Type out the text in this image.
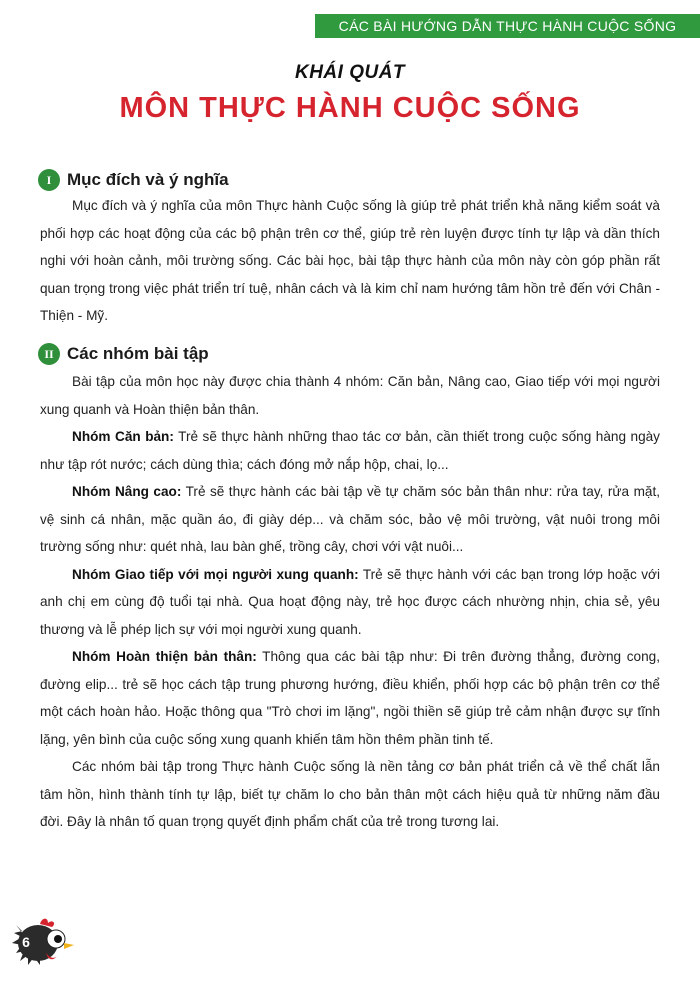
CÁC BÀI HƯỚNG DẪN THỰC HÀNH CUỘC SỐNG
KHÁI QUÁT
MÔN THỰC HÀNH CUỘC SỐNG
I Mục đích và ý nghĩa

Mục đích và ý nghĩa của môn Thực hành Cuộc sống là giúp trẻ phát triển khả năng kiểm soát và phối hợp các hoạt động của các bộ phận trên cơ thể, giúp trẻ rèn luyện được tính tự lập và dần thích nghi với hoàn cảnh, môi trường sống. Các bài học, bài tập thực hành của môn này còn góp phần rất quan trọng trong việc phát triển trí tuệ, nhân cách và là kim chỉ nam hướng tâm hồn trẻ đến với Chân - Thiện - Mỹ.

II Các nhóm bài tập

Bài tập của môn học này được chia thành 4 nhóm: Căn bản, Nâng cao, Giao tiếp với mọi người xung quanh và Hoàn thiện bản thân.

Nhóm Căn bản: Trẻ sẽ thực hành những thao tác cơ bản, cần thiết trong cuộc sống hàng ngày như tập rót nước; cách dùng thìa; cách đóng mở nắp hộp, chai, lọ...

Nhóm Nâng cao: Trẻ sẽ thực hành các bài tập về tự chăm sóc bản thân như: rửa tay, rửa mặt, vệ sinh cá nhân, mặc quần áo, đi giày dép... và chăm sóc, bảo vệ môi trường, vật nuôi trong môi trường sống như: quét nhà, lau bàn ghế, trồng cây, chơi với vật nuôi...

Nhóm Giao tiếp với mọi người xung quanh: Trẻ sẽ thực hành với các bạn trong lớp hoặc với anh chị em cùng độ tuổi tại nhà. Qua hoạt động này, trẻ học được cách nhường nhịn, chia sẻ, yêu thương và lễ phép lịch sự với mọi người xung quanh.

Nhóm Hoàn thiện bản thân: Thông qua các bài tập như: Đi trên đường thẳng, đường cong, đường elip... trẻ sẽ học cách tập trung phương hướng, điều khiển, phối hợp các bộ phận trên cơ thể một cách hoàn hảo. Hoặc thông qua "Trò chơi im lặng", ngồi thiền sẽ giúp trẻ cảm nhận được sự tĩnh lặng, yên bình của cuộc sống xung quanh khiến tâm hồn thêm phần tinh tế.

Các nhóm bài tập trong Thực hành Cuộc sống là nền tảng cơ bản phát triển cả về thể chất lẫn tâm hồn, hình thành tính tự lập, biết tự chăm lo cho bản thân một cách hiệu quả từ những năm đầu đời. Đây là nhân tố quan trọng quyết định phẩm chất của trẻ trong tương lai.

6
